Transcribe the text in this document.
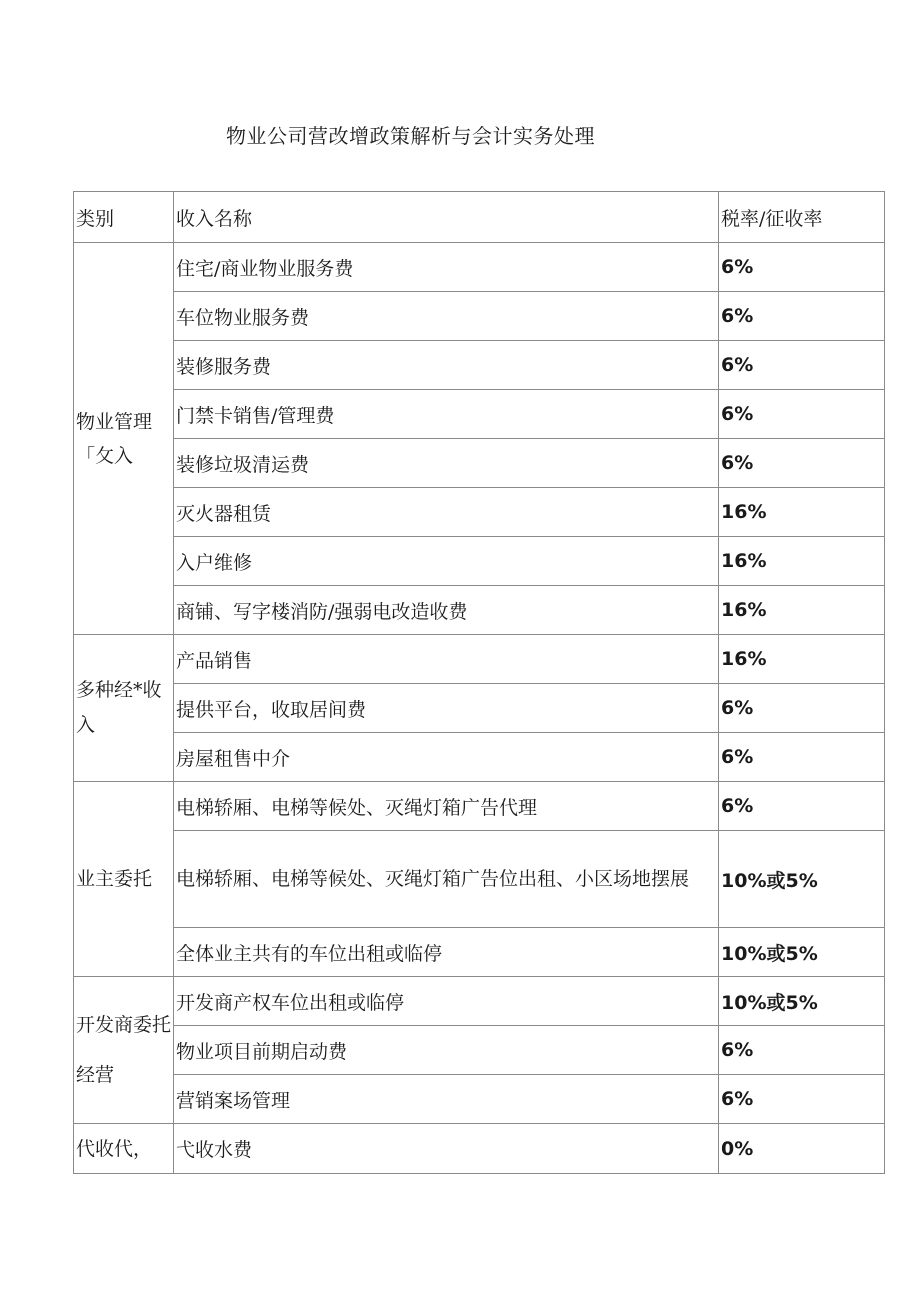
物业公司营改增政策解析与会计实务处理
类别	收入名称	税率/征收率
物业管理「攵入	住宅/商业物业服务费	6%
	车位物业服务费	6%
	装修服务费	6%
	门禁卡销售/管理费	6%
	装修垃圾清运费	6%
	灭火器租赁	16%
	入户维修	16%
	商铺、写字楼消防/强弱电改造收费	16%
多种经*收入	产品销售	16%
	提供平台，收取居间费	6%
	房屋租售中介	6%
业主委托	电梯轿厢、电梯等候处、灭绳灯箱广告代理	6%
	电梯轿厢、电梯等候处、灭绳灯箱广告位出租、小区场地摆展	10%或5%
	全体业主共有的车位出租或临停	10%或5%
开发商委托经营	开发商产权车位出租或临停	10%或5%
	物业项目前期启动费	6%
	营销案场管理	6%
代收代，	弋收水费	0%
